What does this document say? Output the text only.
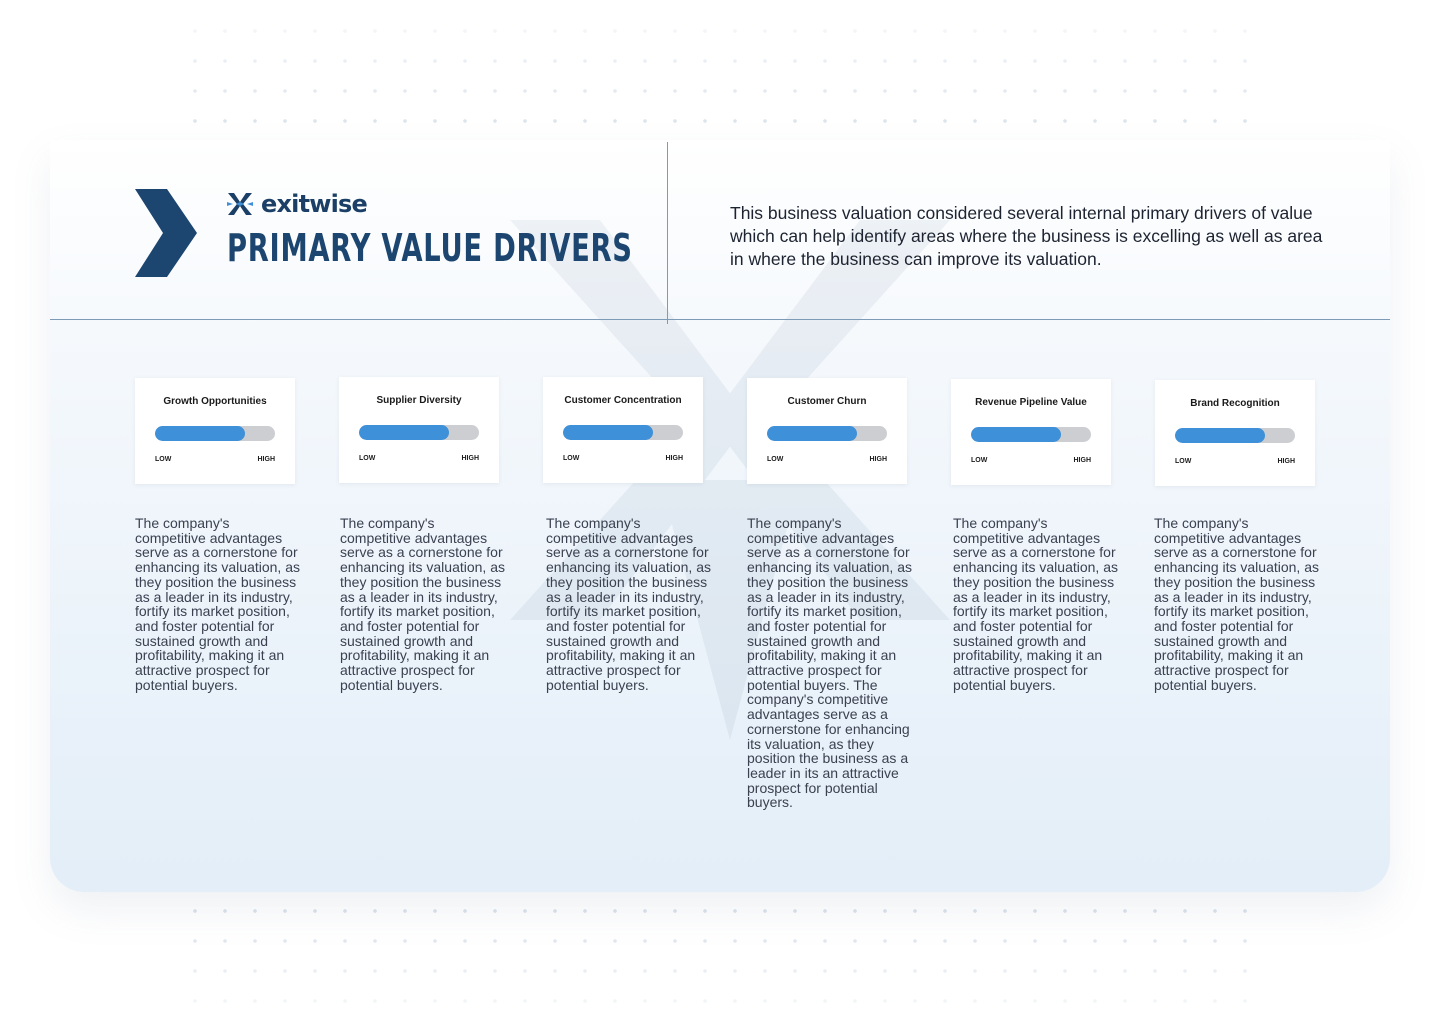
exitwise
PRIMARY VALUE DRIVERS

This business valuation considered several internal primary drivers of value which can help identify areas where the business is excelling as well as area in where the business can improve its valuation.

Growth Opportunities
LOW	HIGH
Supplier Diversity
LOW	HIGH
Customer Concentration
LOW	HIGH
Customer Churn
LOW	HIGH
Revenue Pipeline Value
LOW	HIGH
Brand Recognition
LOW	HIGH

The company's competitive advantages serve as a cornerstone for enhancing its valuation, as they position the business as a leader in its industry, fortify its market position, and foster potential for sustained growth and profitability, making it an attractive prospect for potential buyers.

The company's competitive advantages serve as a cornerstone for enhancing its valuation, as they position the business as a leader in its industry, fortify its market position, and foster potential for sustained growth and profitability, making it an attractive prospect for potential buyers.

The company's competitive advantages serve as a cornerstone for enhancing its valuation, as they position the business as a leader in its industry, fortify its market position, and foster potential for sustained growth and profitability, making it an attractive prospect for potential buyers.

The company's competitive advantages serve as a cornerstone for enhancing its valuation, as they position the business as a leader in its industry, fortify its market position, and foster potential for sustained growth and profitability, making it an attractive prospect for potential buyers. The company's competitive advantages serve as a cornerstone for enhancing its valuation, as they position the business as a leader in its an attractive prospect for potential buyers.

The company's competitive advantages serve as a cornerstone for enhancing its valuation, as they position the business as a leader in its industry, fortify its market position, and foster potential for sustained growth and profitability, making it an attractive prospect for potential buyers.

The company's competitive advantages serve as a cornerstone for enhancing its valuation, as they position the business as a leader in its industry, fortify its market position, and foster potential for sustained growth and profitability, making it an attractive prospect for potential buyers.
